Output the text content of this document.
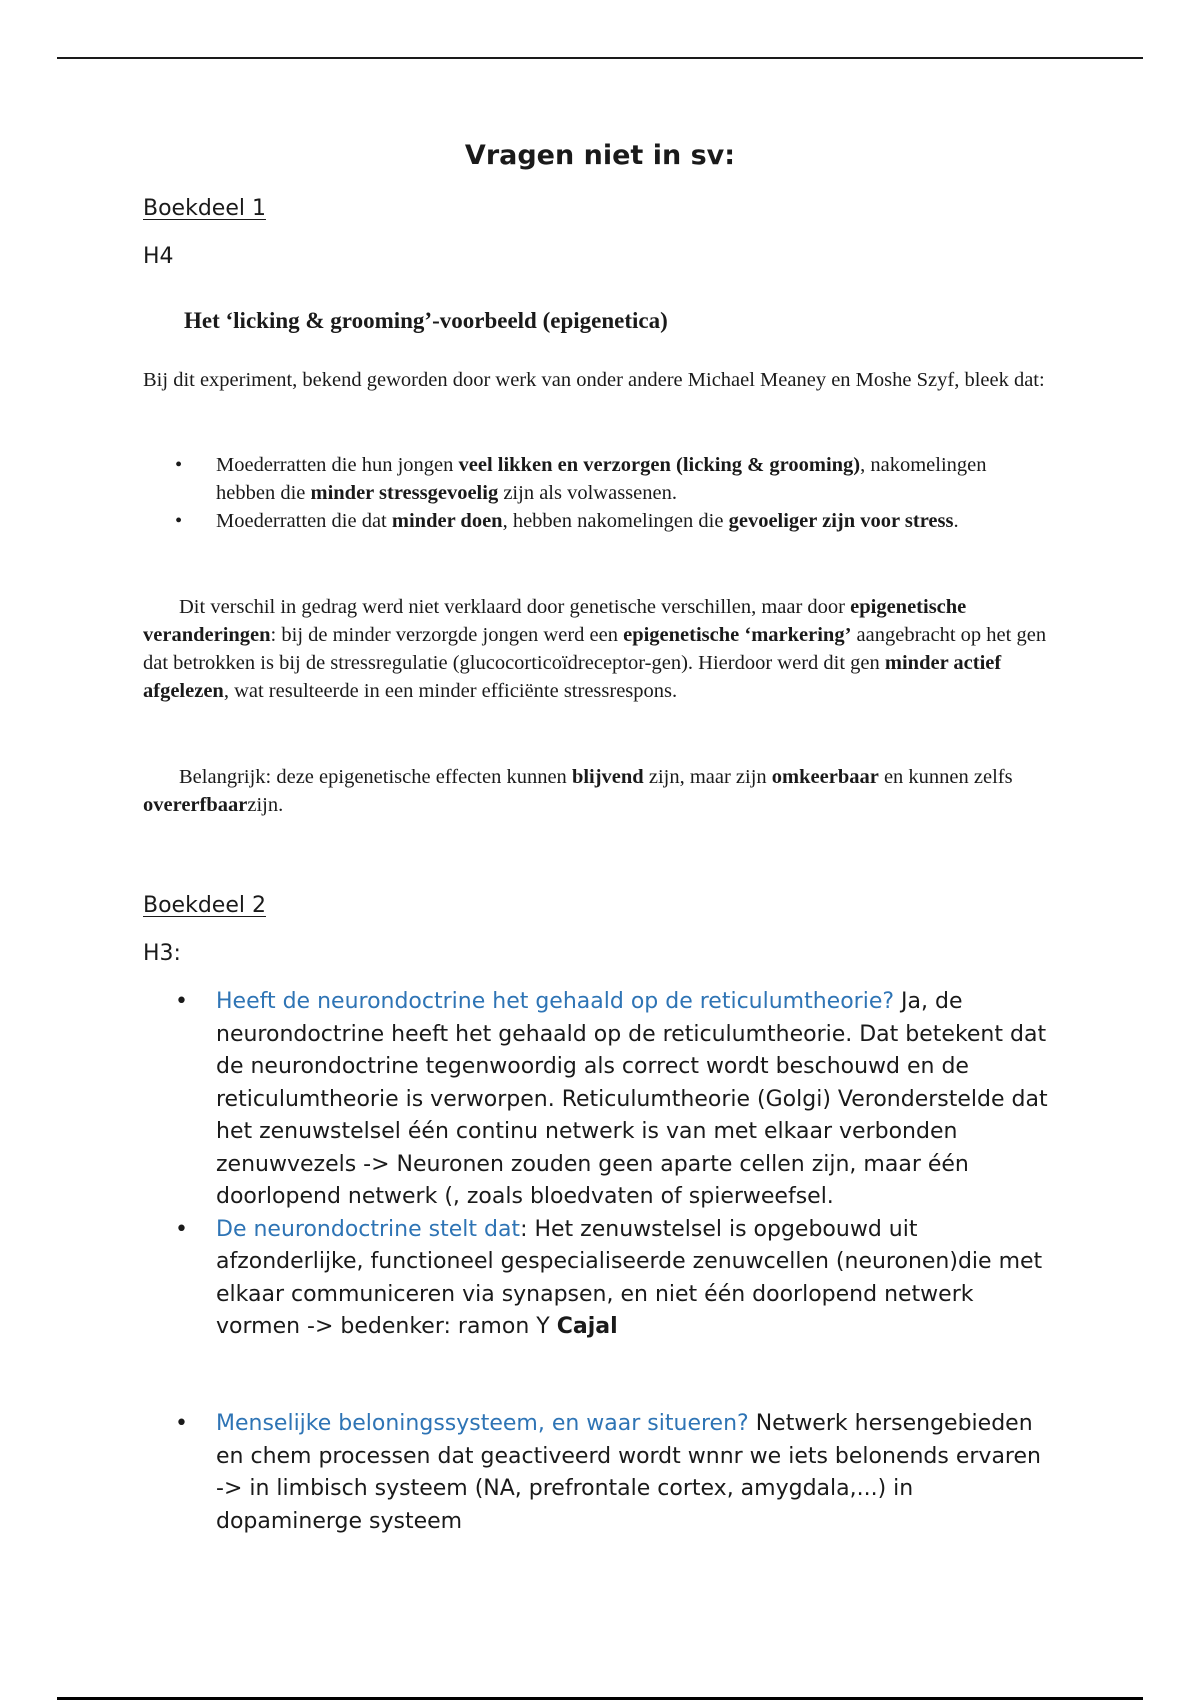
Vragen niet in sv:
Boekdeel 1
H4
Het ‘licking & grooming’-voorbeeld (epigenetica)
Bij dit experiment, bekend geworden door werk van onder andere Michael Meaney en Moshe Szyf, bleek dat:
• Moederratten die hun jongen veel likken en verzorgen (licking & grooming), nakomelingen hebben die minder stressgevoelig zijn als volwassenen.
• Moederratten die dat minder doen, hebben nakomelingen die gevoeliger zijn voor stress.
Dit verschil in gedrag werd niet verklaard door genetische verschillen, maar door epigenetische veranderingen: bij de minder verzorgde jongen werd een epigenetische ‘markering’ aangebracht op het gen dat betrokken is bij de stressregulatie (glucocorticoïdreceptor-gen). Hierdoor werd dit gen minder actief afgelezen, wat resulteerde in een minder efficiënte stressrespons.
Belangrijk: deze epigenetische effecten kunnen blijvend zijn, maar zijn omkeerbaar en kunnen zelfs overerfbaarzijn.
Boekdeel 2
H3:
• Heeft de neurondoctrine het gehaald op de reticulumtheorie? Ja, de neurondoctrine heeft het gehaald op de reticulumtheorie. Dat betekent dat de neurondoctrine tegenwoordig als correct wordt beschouwd en de reticulumtheorie is verworpen. Reticulumtheorie (Golgi) Veronderstelde dat het zenuwstelsel één continu netwerk is van met elkaar verbonden zenuwvezels -> Neuronen zouden geen aparte cellen zijn, maar één doorlopend netwerk (, zoals bloedvaten of spierweefsel.
• De neurondoctrine stelt dat: Het zenuwstelsel is opgebouwd uit afzonderlijke, functioneel gespecialiseerde zenuwcellen (neuronen)die met elkaar communiceren via synapsen, en niet één doorlopend netwerk vormen -> bedenker: ramon Y Cajal
• Menselijke beloningssysteem, en waar situeren? Netwerk hersengebieden en chem processen dat geactiveerd wordt wnnr we iets belonends ervaren -> in limbisch systeem (NA, prefrontale cortex, amygdala,...) in dopaminerge systeem
